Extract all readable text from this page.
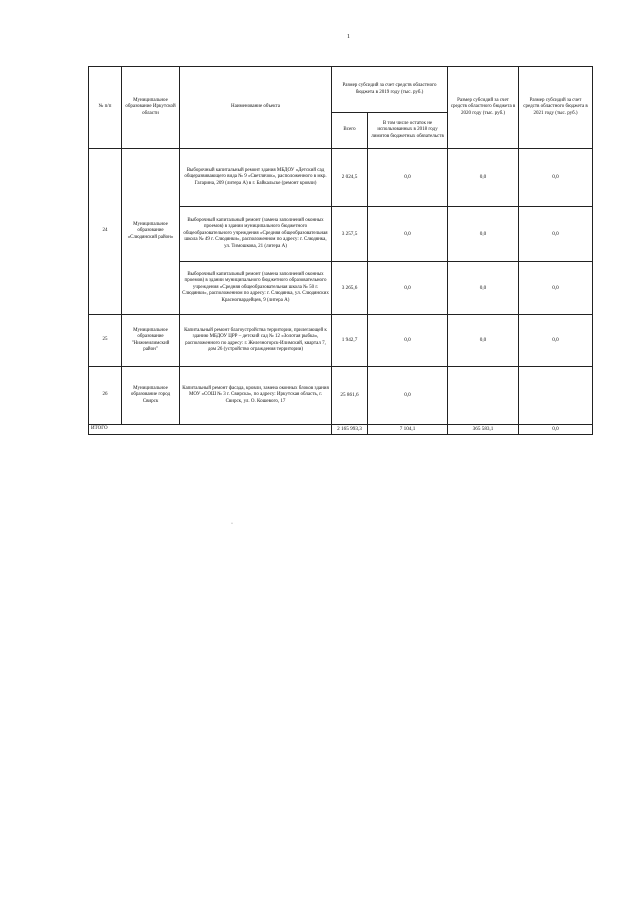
1
№ п/п	Муниципальное образование Иркутской области	Наименование объекта	Размер субсидий за счет средств областного бюджета в 2019 году (тыс. руб.)		Размер субсидий за счет средств областного бюджета в 2020 году (тыс. руб.)	Размер субсидий за счет средств областного бюджета в 2021 году (тыс. руб.)
			Всего	В том числе остаток не использованных в 2018 году лимитов бюджетных обязательств		
24	Муниципальное образование «Слюдянский район»	Выборочный капитальный ремонт здания МБДОУ «Детский сад общеразвивающего вида № 9 «Светлячок», расположенного в мкр. Гагарина, 209 (литера А) в г. Байкальске (ремонт кровли)	2 024,5	0,0	0,0	0,0
		Выборочный капитальный ремонт (замена заполнений оконных проемов) в здании муниципального бюджетного общеобразовательного учреждения «Средняя общеобразовательная школа № 49 г. Слюдянки», расположенном по адресу: г. Слюдянка, ул. Тимошкова, 21 (литера А)	3 257,5	0,0	0,0	0,0
		Выборочный капитальный ремонт (замена заполнений оконных проемов) в здании муниципального бюджетного образовательного учреждения «Средняя общеобразовательная школа № 50 г. Слюдянки», расположенном по адресу: г. Слюдянка, ул. Слюдянских Красногвардейцев, 9 (литера А)	3 265,6	0,0	0,0	0,0
25	Муниципальное образование "Нижнеилимский район"	Капитальный ремонт благоустройства территории, прилегающей к зданию МБДОУ ЦРР – детский сад № 12 «Золотая рыбка», расположенного по адресу: г. Железногорск-Илимский, квартал 7, дом 26 (устройство ограждения территории)	1 942,7	0,0	0,0	0,0
26	Муниципальное образование город Свирск	Капитальный ремонт фасада, кровли, замена оконных блоков здания МОУ «СОШ № 3 г. Свирска», по адресу: Иркутская область, г. Свирск, ул. О. Кошевого, 17	25 861,6	0,0		
ИТОГО			2 165 993,3	7 104,1	365 583,1	0,0
·
